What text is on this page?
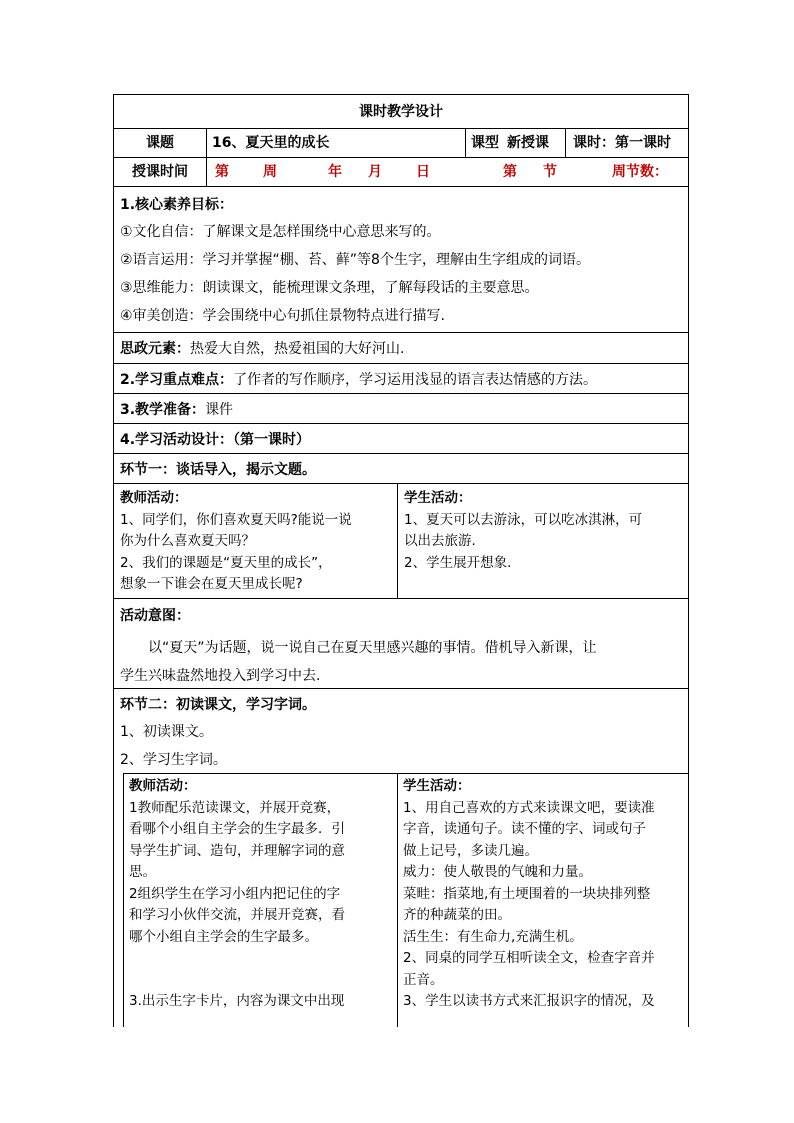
课时教学设计
课题	16、夏天里的成长	课型 新授课	课时：第一课时
授课时间	第 周	年 月 日	第 节	周节数：
1.核心素养目标：
①文化自信：了解课文是怎样围绕中心意思来写的。
②语言运用：学习并掌握“棚、苔、藓”等8个生字，理解由生字组成的词语。
③思维能力：朗读课文，能梳理课文条理，了解每段话的主要意思。
④审美创造：学会围绕中心句抓住景物特点进行描写.
思政元素：热爱大自然，热爱祖国的大好河山.
2.学习重点难点：了作者的写作顺序，学习运用浅显的语言表达情感的方法。
3.教学准备：课件
4.学习活动设计：（第一课时）
环节一：谈话导入，揭示文题。
教师活动：
1、同学们，你们喜欢夏天吗?能说一说
你为什么喜欢夏天吗？
2、我们的课题是“夏天里的成长”，
想象一下谁会在夏天里成长呢?
学生活动：
1、夏天可以去游泳，可以吃冰淇淋，可
以出去旅游.
2、学生展开想象.
活动意图：
以“夏天”为话题，说一说自己在夏天里感兴趣的事情。借机导入新课，让
学生兴味盎然地投入到学习中去.
环节二：初读课文，学习字词。
1、初读课文。
2、学习生字词。
教师活动：
1教师配乐范读课文，并展开竞赛，
看哪个小组自主学会的生字最多．引
导学生扩词、造句，并理解字词的意
思。
2组织学生在学习小组内把记住的字
和学习小伙伴交流，并展开竞赛，看
哪个小组自主学会的生字最多。
3.出示生字卡片，内容为课文中出现
学生活动：
1、用自己喜欢的方式来读课文吧，要读准
字音，读通句子。读不懂的字、词或句子
做上记号，多读几遍。
威力：使人敬畏的气魄和力量。
菜畦：指菜地,有土埂围着的一块块排列整
齐的种蔬菜的田。
活生生：有生命力,充满生机。
2、同桌的同学互相听读全文，检查字音并
正音。
3、学生以读书方式来汇报识字的情况，及
